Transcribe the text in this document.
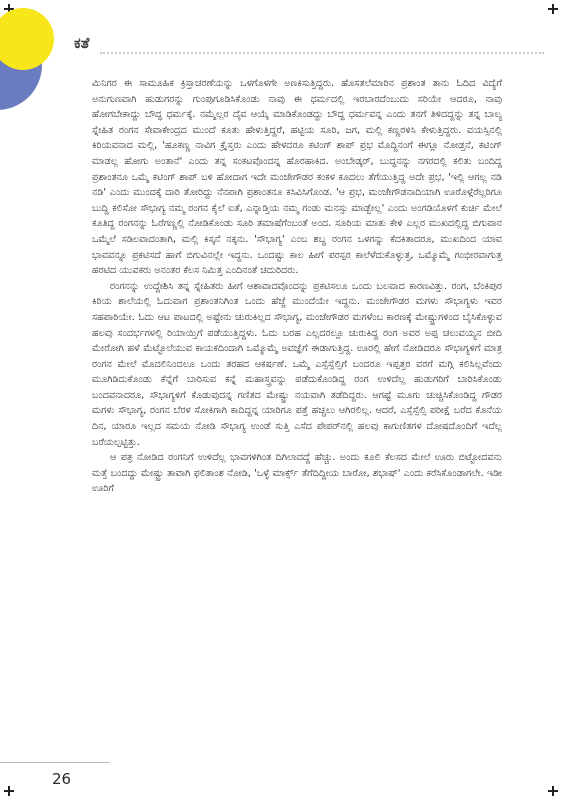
ಕತೆ

ಮಿನಿಗರ ಈ ಸಾಮೂಹಿಕ ಕ್ರಿಸ್ತಾಚರಣೆಯನ್ನು ಒಳಗೊಳಗೇ ಅಣಕಿಸುತ್ತಿದ್ದರು. ಹೊಸತಲೆಮಾರಿನ ಪ್ರಶಾಂತ ತಾನು ಓದಿದ ವಿದ್ಯೆಗೆ ಅನುಗುಣವಾಗಿ ಹುಡುಗರನ್ನು ಗುಂಪುಗೂಡಿಸಿಕೊಂಡು ನಾವು ಈ ಧರ್ಮದಲ್ಲಿ ಇರಬಾರದೆಂಬುದು ಸರಿಯೇ ಆದರೂ, ನಾವು ಹೋಗಬೇಕಾದ್ದು ಬೌದ್ಧ ಧರ್ಮಕ್ಕೆ. ನಮ್ಮೆಲ್ಲರ ದೈವ ಆಯ್ಕೆ ಮಾಡಿಕೊಂಡದ್ದು ಬೌದ್ಧ ಧರ್ಮವನ್ನ ಎಂದು ತನಗೆ ತಿಳಿದದ್ದನ್ನು ತನ್ನ ಬಾಲ್ಯ ಸ್ನೇಹಿತ ರಂಗನ ಸೇವಾಕೇಂದ್ರದ ಮುಂದೆ ಕೂತು ಹೇಳುತ್ತಿದ್ದರೆ, ಹಟ್ಟಿಯ ಸೂರಿ, ಜಗ, ಮಲ್ಲಿ ಕಣ್ಣರಳಿಸಿ ಕೇಳುತ್ತಿದ್ದರು. ವಯಸ್ಸಿನಲ್ಲಿ ಕಿರಿಯವನಾದ ಮಲ್ಲಿ, 'ಹೂಕಣ್ಣ ನಾವಿಗ ಕ್ರೈಸ್ತರು ಎಂದು ಹೇಳದರೂ ಕಟಿಂಗ್ ಶಾಪ್ ಪ್ರಭ ಮೊದ್ದಿನಂಗೆ ಈಗ್ಲೂ ನೋಡ್ತನೆ, ಕಟಿಂಗ್ ಮಾಡಲ್ಲ ಹೋಗು ಅಂತಾನೆ' ಎಂದು ತನ್ನ ಸಂಕಟವೊಂದನ್ನ ಹೊರಹಾಕಿದ. ಅಂಬೇಡ್ಕರ್, ಬುದ್ಧನನ್ನು ನಗರದಲ್ಲಿ ಕಲಿತು ಬಂದಿದ್ದ ಪ್ರಶಾಂತನೂ ಒಮ್ಮೆ ಕಟಿಂಗ್ ಶಾಪ್ ಬಳಿ ಹೋದಾಗ ಇದೇ ಮಂಜೇಗೌಡರ ಕಂಕಳ ಕೂದಲು ತೆಗೆಯುತ್ತಿದ್ದ ಅದೇ ಪ್ರಭ, 'ಇಲ್ಲಿ ಆಗಲ್ಲ ನಡಿ ನಡಿ' ಎಂದು ಮುಂದಕ್ಕೆ ದಾರಿ ತೋರಿದ್ದು ನೆನಪಾಗಿ ಪ್ರಶಾಂತನೂ ಕಸಿವಿಸಿಗೊಂಡ. 'ಆ ಪ್ರಭ, ಮಂಜೇಗೌಡನಾದಿಯಾಗಿ ಊರೊಳ್ಗೆರೆಲ್ಲರಿಗೂ ಬುದ್ದಿ ಕಲಿಸೋ ಸೌಭಾಗ್ಯ ನಮ್ಮ ರಂಗನ ಕೈಲೆ ಐತೆ, ಎನ್ನಾಡ್ತಿಯ ನಮ್ಮ ಗಂಡು ಮನಸ್ಸು ಮಾಡ್ಬೇಲ್ಲ' ಎಂದು ಅಂಗಡಿಯೊಳಗೆ ಕುರ್ಚಿ ಮೇಲೆ ಕೂತಿದ್ದ ರಂಗನನ್ನು ಓರೆಗಣ್ಣಲ್ಲಿ ನೋಡಿಕೊಂಡು ಸೂರಿ ತಮಾಷೆಗೆಂಬಂತೆ ಅಂದ. ಸೂರಿಯ ಮಾತು ಕೇಳಿ ಎಲ್ಲರ ಮುಖದಲ್ಲಿದ್ದ ಬಿಗುವಾನ ಒಮ್ಮೆಲೆ ಸಡಿಲವಾದಂತಾಗಿ, ಮಲ್ಲಿ ಕಿಸ್ಕನೆ ನಕ್ಕನು. 'ಸೌಭಾಗ್ಯ' ಎಂಬ ಶಬ್ದ ರಂಗನ ಒಳಗನ್ನು ಕೆದಕಿತಾದರೂ, ಮುಖದಿಂದ ಯಾವ ಭಾವವನ್ನೂ ಪ್ರಕಟಿಸದೆ ಹಾಗೆ ಬಿಗುವಿನಲ್ಲೇ ಇದ್ದನು. ಒಂದಷ್ಟು ಕಾಲ ಹೀಗೆ ಪರಸ್ಪರ ಕಾಲೆಳೆದುಕೊಳ್ಳುತ್ತ, ಒಮ್ಮೊಮ್ಮೆ ಗಂಭೀರವಾಗುತ್ತ ಹರಟಿದ ಯುವಕರು ಅನಂತರ ಕೆಲಸ ನಿಮಿತ್ತ ಎಂದಿನಂತೆ ಚದುರಿದರು.

ರಂಗನನ್ನು ಉದ್ದೇಶಿಸಿ ತನ್ನ ಸ್ನೇಹಿತರು ಹೀಗೆ ಆಶಾವಾದವೊಂದನ್ನು ಪ್ರಕಟಿಸಲೂ ಒಂದು ಬಲವಾದ ಕಾರಣವಿತ್ತು. ರಂಗ, ಬೆಂಕಿಪುರ ಕಿರಿಯ ಶಾಲೆಯಲ್ಲಿ ಓದುವಾಗ ಪ್ರಶಾಂತನಿಗಿಂತ ಒಂದು ಹೆಜ್ಜೆ ಮುಂದೆಯೇ ಇದ್ದನು. ಮಂಜೇಗೌಡರ ಮಗಳು ಸೌಭಾಗ್ಯಳು ಇವರ ಸಹಪಾಠಿಯೇ. ಓದು ಆಟ ಪಾಟದಲ್ಲಿ ಅಷ್ಟೇನು ಚುರುಕಿಲ್ಲದ ಸೌಭಾಗ್ಯ, ಮಂಜೇಗೌಡರ ಮಗಳೆಂಬ ಕಾರಣಕ್ಕೆ ಮೇಷ್ಟ್ರುಗಳಿಂದ ಬೈಸಿಕೊಳ್ಳುವ ಹಲವು ಸಂದರ್ಭಗಳಲ್ಲಿ ರಿಯಾಯ್ತಿಗೆ ಪಡೆಯುತ್ತಿದ್ದಳು. ಓದು ಬರಹ ಎಲ್ಲದರಲ್ಲೂ ಚುರುಕಿದ್ದ ರಂಗ ಅವರ ಅಪ್ಪ ಚಲುವಯ್ಯನ ಬೀದಿ ಮೇರೋಗಿ ಹಳೆ ಮೆಟ್ಟೊಲೆಯುವ ಕಾಯಕದಿಂದಾಗಿ ಒಮ್ಮೊಮ್ಮೆ ಅವಜ್ಞೆಗೆ ಈಡಾಗುತ್ತಿದ್ದ. ಊರಲ್ಲಿ ಹೇಗೆ ನೋಡಿದರೂ ಸೌಭಾಗ್ಯಳಿಗೆ ಮಾತ್ರ ರಂಗನ ಮೇಲೆ ಮೊದಲಿನಿಂದಲೂ ಒಂದು ತರಹದ ಆಕರ್ಷಣೆ. ಒಮ್ಮೆ ಎಸ್ಸೆಸ್ಸೆಲ್ಸಿಗೆ ಬಂದರೂ ಇಪ್ಪತ್ತರ ವರಗೆ ಮಗ್ಗಿ ಕಲಿಸಿಲ್ಲವೆಂದು ಮೂಗಿಡಿದುಕೊಂಡು ಕೆನ್ನೆಗೆ ಬಾರಿಸುವ ಕನ್ನೆ ಮಹಾಸ್ತ್ರವನ್ನು ಪಡೆದುಕೊಂಡಿದ್ದ ರಂಗ ಉಳಿದೆಲ್ಲ ಹುಡುಗರಿಗೆ ಬಾರಿಸಿಕೊಂಡು ಬಂದವನಾದರೂ, ಸೌಭಾಗ್ಯಳಿಗೆ ಕೊಡುವುದನ್ನ ಗಣಿತದ ಮೇಷ್ಟ್ರು ನಯವಾಗಿ ತಡೆದಿದ್ದರು. ಆಗಷ್ಟೆ ಮೂಗು ಚುಚ್ಚಿಸಿಕೊಂಡಿದ್ದ ಗೌಡರ ಮಗಳು ಸೌಭಾಗ್ಯ, ರಂಗನ ಬೆರಳ ಸೋಕಿಗಾಗಿ ಕಾದಿದ್ದನ್ನ ಯಾರಿಗೂ ಪತ್ತೆ ಹಚ್ಚಲು ಆಗಿರಲಿಲ್ಲ. ಆದರೆ, ಎಸ್ಸೆಸ್ಸೆಲ್ಸಿ ಪರೀಕ್ಷೆ ಬರೆದ ಕೊನೆಯ ದಿನ, ಯಾರೂ ಇಲ್ಲದ ಸಮಯ ನೋಡಿ ಸೌಭಾಗ್ಯ ಉಂಡೆ ಸುತ್ತಿ ಎಸೆದ ಪೇಪರ್‌ನಲ್ಲಿ ಹಲವು ಕಾಗುಣಿತಗಳ ದೋಷದೊಂದಿಗೆ ಇದೆಲ್ಲ ಬರೆಯಲ್ಪಟ್ಟಿತ್ತು.

ಆ ಪತ್ರ ನೋಡಿದ ರಂಗನಿಗೆ ಉಳಿದೆಲ್ಲ ಭಾವಗಳಿಗಿಂತ ದಿಗಿಲಾದದ್ದೆ ಹೆಚ್ಚು. ಅಂದು ಕೂಲಿ ಕೆಲಸದ ಮೇಲೆ ಊರು ಬಿಟ್ಟೋದವನು ಮತ್ತೆ ಬಂದದ್ದು ಮೇಷ್ಟ್ರು ತಾವಾಗಿ ಫಲಿತಾಂಶ ನೋಡಿ, 'ಒಳ್ಳೆ ಮಾರ್ಕ್ಸ್ ತೆಗೆದಿದ್ದೀಯ ಬಾರೋ, ಶಭಾಷ್' ಎಂದು ಕರೆಸಿಕೊಂಡಾಗಲೇ. ಇಡೀ ಊರಿಗೆ

26
